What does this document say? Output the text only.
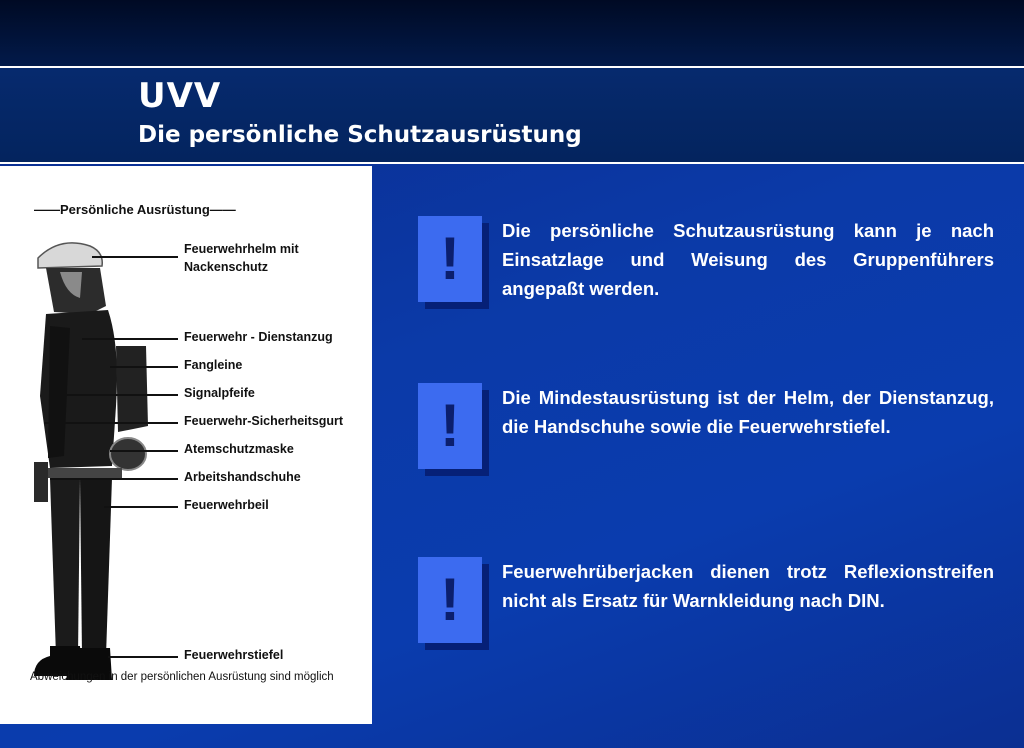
UVV
Die persönliche Schutzausrüstung
——Persönliche Ausrüstung——
Feuerwehrhelm mit
Nackenschutz
Feuerwehr - Dienstanzug
Fangleine
Signalpfeife
Feuerwehr-Sicherheitsgurt
Atemschutzmaske
Arbeitshandschuhe
Feuerwehrbeil
Feuerwehrstiefel
Abweichungen in der persönlichen Ausrüstung sind möglich
!	Die persönliche Schutzausrüstung kann je nach Einsatzlage und Weisung des Gruppenführers angepaßt werden.

!	Die Mindestausrüstung ist der Helm, der Dienstanzug, die Handschuhe sowie die Feuerwehrstiefel.

!	Feuerwehrüberjacken dienen trotz Reflexionstreifen nicht als Ersatz für Warnkleidung nach DIN.
